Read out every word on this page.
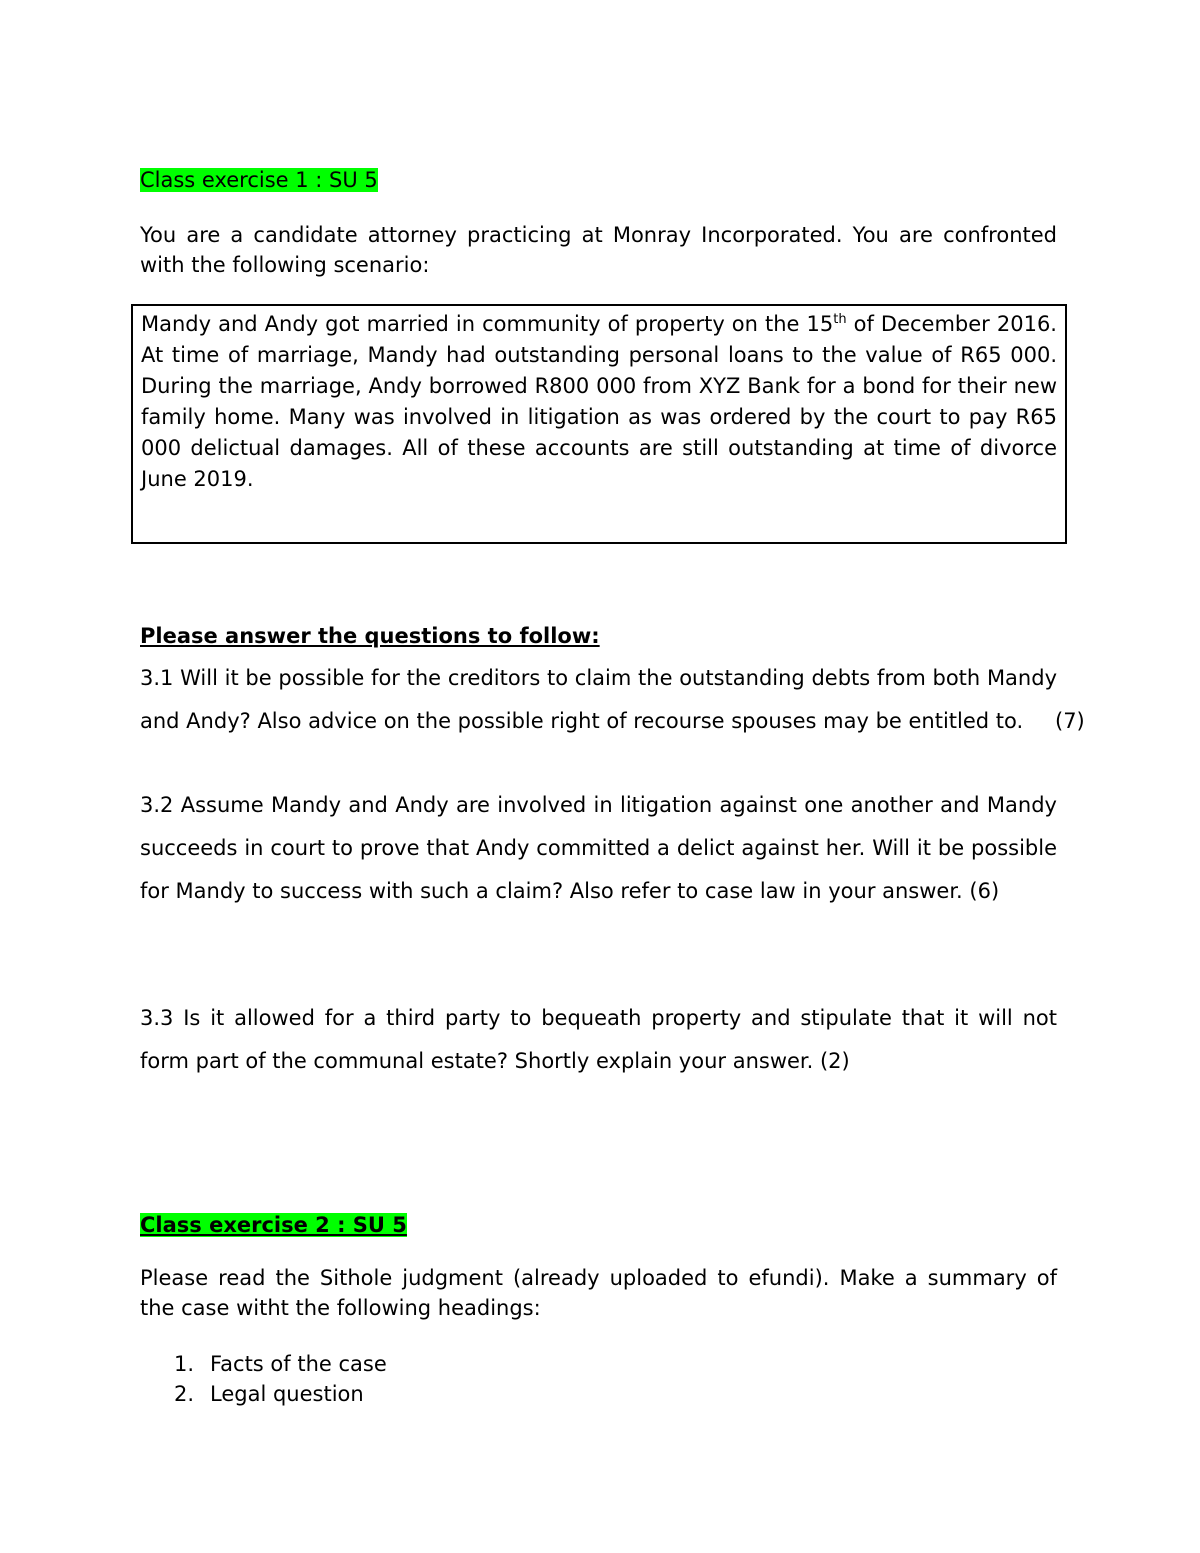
Class exercise 1 : SU 5
You are a candidate attorney practicing at Monray Incorporated. You are confronted with the following scenario:
Mandy and Andy got married in community of property on the 15th of December 2016. At time of marriage, Mandy had outstanding personal loans to the value of R65 000. During the marriage, Andy borrowed R800 000 from XYZ Bank for a bond for their new family home. Many was involved in litigation as was ordered by the court to pay R65 000 delictual damages. All of these accounts are still outstanding at time of divorce June 2019.
Please answer the questions to follow:
3.1 Will it be possible for the creditors to claim the outstanding debts from both Mandy and Andy? Also advice on the possible right of recourse spouses may be entitled to.	(7)
3.2 Assume Mandy and Andy are involved in litigation against one another and Mandy succeeds in court to prove that Andy committed a delict against her. Will it be possible for Mandy to success with such a claim? Also refer to case law in your answer. (6)
3.3 Is it allowed for a third party to bequeath property and stipulate that it will not form part of the communal estate? Shortly explain your answer. (2)
Class exercise 2 : SU 5
Please read the Sithole judgment (already uploaded to efundi). Make a summary of the case witht the following headings:
1. Facts of the case
2. Legal question
